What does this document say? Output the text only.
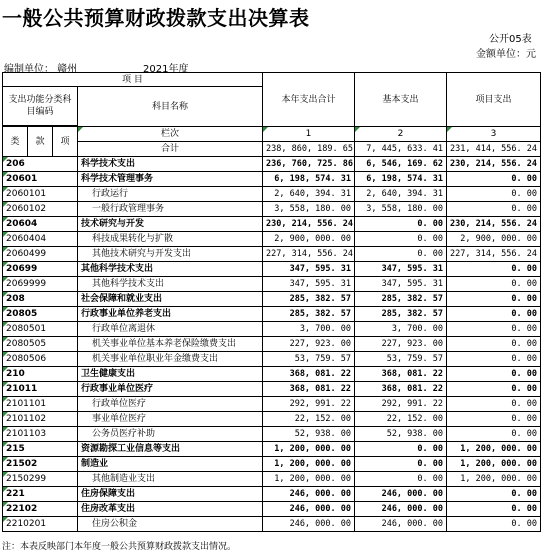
一般公共预算财政拨款支出决算表
公开05表
金额单位：元
编制单位： 赣州	2021年度
项 目				本年支出合计	基本支出	项目支出
支出功能分类科目编码			科目名称			

类	款	项	栏次	1	2	3
			合计	238, 860, 189. 65	7, 445, 633. 41	231, 414, 556. 24
206			科学技术支出	236, 760, 725. 86	6, 546, 169. 62	230, 214, 556. 24
20601			科学技术管理事务	6, 198, 574. 31	6, 198, 574. 31	0. 00
2060101			行政运行	2, 640, 394. 31	2, 640, 394. 31	0. 00
2060102			一般行政管理事务	3, 558, 180. 00	3, 558, 180. 00	0. 00
20604			技术研究与开发	230, 214, 556. 24	0. 00	230, 214, 556. 24
2060404			科技成果转化与扩散	2, 900, 000. 00	0. 00	2, 900, 000. 00
2060499			其他技术研究与开发支出	227, 314, 556. 24	0. 00	227, 314, 556. 24
20699			其他科学技术支出	347, 595. 31	347, 595. 31	0. 00
2069999			其他科学技术支出	347, 595. 31	347, 595. 31	0. 00
208			社会保障和就业支出	285, 382. 57	285, 382. 57	0. 00
20805			行政事业单位养老支出	285, 382. 57	285, 382. 57	0. 00
2080501			行政单位离退休	3, 700. 00	3, 700. 00	0. 00
2080505			机关事业单位基本养老保险缴费支出	227, 923. 00	227, 923. 00	0. 00
2080506			机关事业单位职业年金缴费支出	53, 759. 57	53, 759. 57	0. 00
210			卫生健康支出	368, 081. 22	368, 081. 22	0. 00
21011			行政事业单位医疗	368, 081. 22	368, 081. 22	0. 00
2101101			行政单位医疗	292, 991. 22	292, 991. 22	0. 00
2101102			事业单位医疗	22, 152. 00	22, 152. 00	0. 00
2101103			公务员医疗补助	52, 938. 00	52, 938. 00	0. 00
215			资源勘探工业信息等支出	1, 200, 000. 00	0. 00	1, 200, 000. 00
21502			制造业	1, 200, 000. 00	0. 00	1, 200, 000. 00
2150299			其他制造业支出	1, 200, 000. 00	0. 00	1, 200, 000. 00
221			住房保障支出	246, 000. 00	246, 000. 00	0. 00
22102			住房改革支出	246, 000. 00	246, 000. 00	0. 00
2210201			住房公积金	246, 000. 00	246, 000. 00	0. 00
注：本表反映部门本年度一般公共预算财政拨款支出情况。
